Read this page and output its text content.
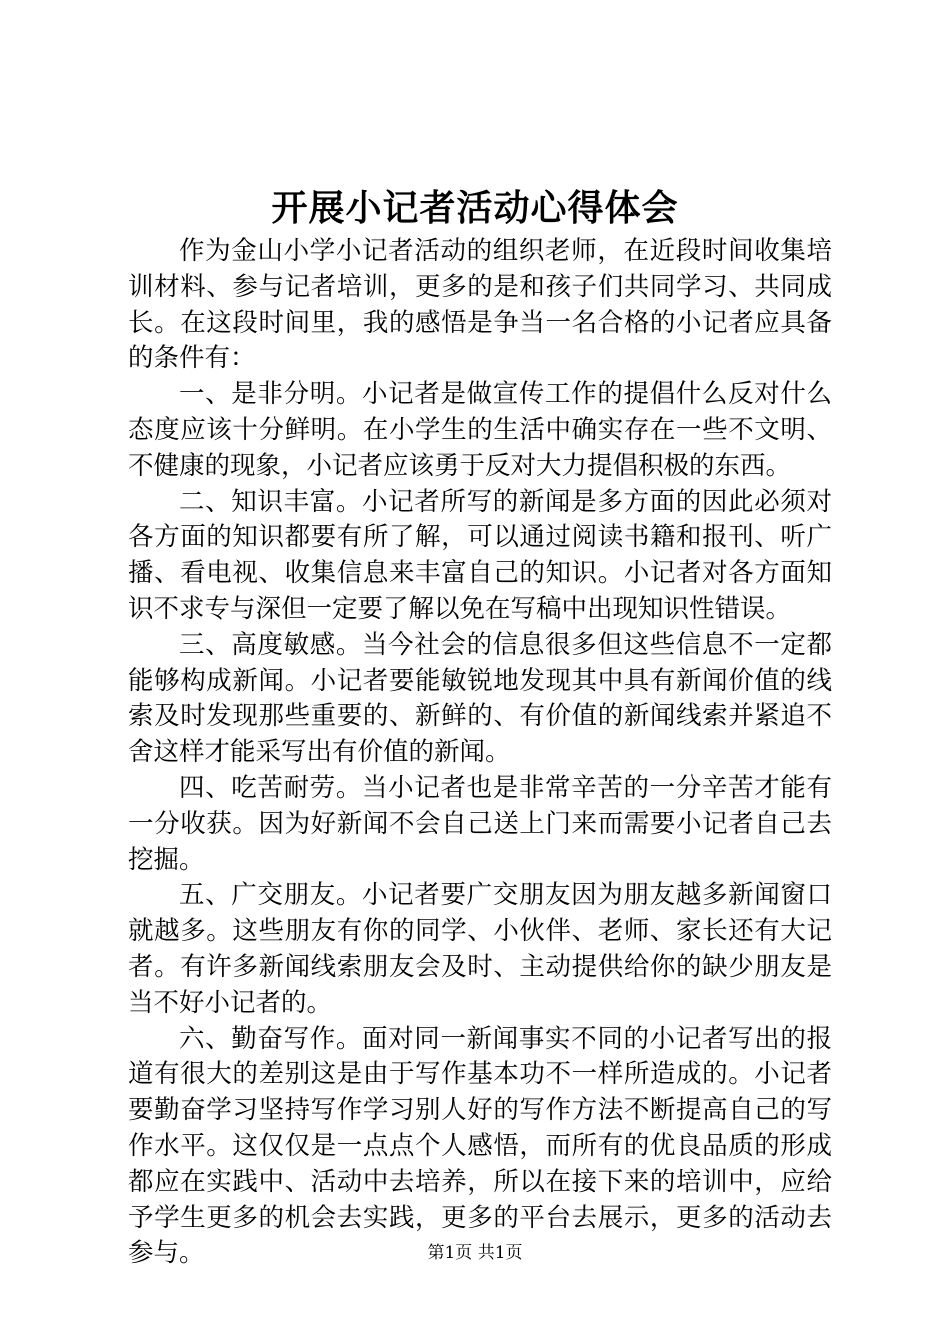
开展小记者活动心得体会

作为金山小学小记者活动的组织老师，在近段时间收集培训材料、参与记者培训，更多的是和孩子们共同学习、共同成长。在这段时间里，我的感悟是争当一名合格的小记者应具备的条件有：

一、是非分明。小记者是做宣传工作的提倡什么反对什么态度应该十分鲜明。在小学生的生活中确实存在一些不文明、不健康的现象，小记者应该勇于反对大力提倡积极的东西。

二、知识丰富。小记者所写的新闻是多方面的因此必须对各方面的知识都要有所了解，可以通过阅读书籍和报刊、听广播、看电视、收集信息来丰富自己的知识。小记者对各方面知识不求专与深但一定要了解以免在写稿中出现知识性错误。

三、高度敏感。当今社会的信息很多但这些信息不一定都能够构成新闻。小记者要能敏锐地发现其中具有新闻价值的线索及时发现那些重要的、新鲜的、有价值的新闻线索并紧追不舍这样才能采写出有价值的新闻。

四、吃苦耐劳。当小记者也是非常辛苦的一分辛苦才能有一分收获。因为好新闻不会自己送上门来而需要小记者自己去挖掘。

五、广交朋友。小记者要广交朋友因为朋友越多新闻窗口就越多。这些朋友有你的同学、小伙伴、老师、家长还有大记者。有许多新闻线索朋友会及时、主动提供给你的缺少朋友是当不好小记者的。

六、勤奋写作。面对同一新闻事实不同的小记者写出的报道有很大的差别这是由于写作基本功不一样所造成的。小记者要勤奋学习坚持写作学习别人好的写作方法不断提高自己的写作水平。这仅仅是一点点个人感悟，而所有的优良品质的形成都应在实践中、活动中去培养，所以在接下来的培训中，应给予学生更多的机会去实践，更多的平台去展示，更多的活动去参与。	第1页 共1页
